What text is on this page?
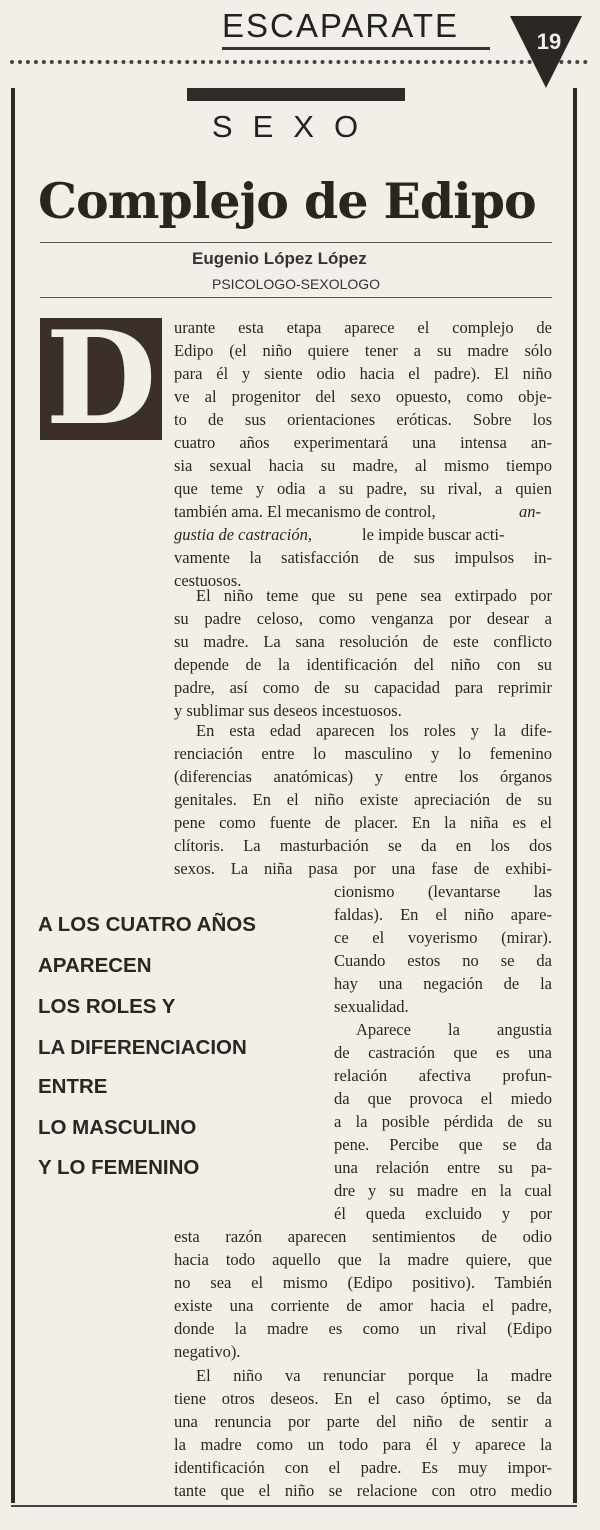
ESCAPARATE	19
SEXO
Complejo de Edipo
Eugenio López López
PSICOLOGO-SEXOLOGO
D	urante esta etapa aparece el complejo de
Edipo (el niño quiere tener a su madre sólo
para él y siente odio hacia el padre). El niño
ve al progenitor del sexo opuesto, como obje-
to de sus orientaciones eróticas. Sobre los
cuatro años experimentará una intensa an-
sia sexual hacia su madre, al mismo tiempo
que teme y odia a su padre, su rival, a quien
también ama. El mecanismo de control,	an-
gustia de castración,	le impide buscar acti-
vamente la satisfacción de sus impulsos in-
cestuosos.
El niño teme que su pene sea extirpado por
su padre celoso, como venganza por desear a
su madre. La sana resolución de este conflicto
depende de la identificación del niño con su
padre, así como de su capacidad para reprimir
y sublimar sus deseos incestuosos.
En esta edad aparecen los roles y la dife-
renciación entre lo masculino y lo femenino
(diferencias anatómicas) y entre los órganos
genitales. En el niño existe apreciación de su
pene como fuente de placer. En la niña es el
clítoris. La masturbación se da en los dos
sexos. La niña pasa por una fase de exhibi-
cionismo (levantarse las
faldas). En el niño apare-
ce el voyerismo (mirar).
Cuando estos no se da
hay una negación de la
sexualidad.
Aparece la angustia
de castración que es una
relación afectiva profun-
da que provoca el miedo
a la posible pérdida de su
pene. Percibe que se da
una relación entre su pa-
dre y su madre en la cual
él queda excluido y por
esta razón aparecen sentimientos de odio
hacia todo aquello que la madre quiere, que
no sea el mismo (Edipo positivo). También
existe una corriente de amor hacia el padre,
donde la madre es como un rival (Edipo
negativo).
El niño va renunciar porque la madre
tiene otros deseos. En el caso óptimo, se da
una renuncia por parte del niño de sentir a
la madre como un todo para él y aparece la
identificación con el padre. Es muy impor-
tante que el niño se relacione con otro medio
A LOS CUATRO AÑOS
APARECEN
LOS ROLES Y
LA DIFERENCIACION
ENTRE
LO MASCULINO
Y LO FEMENINO
